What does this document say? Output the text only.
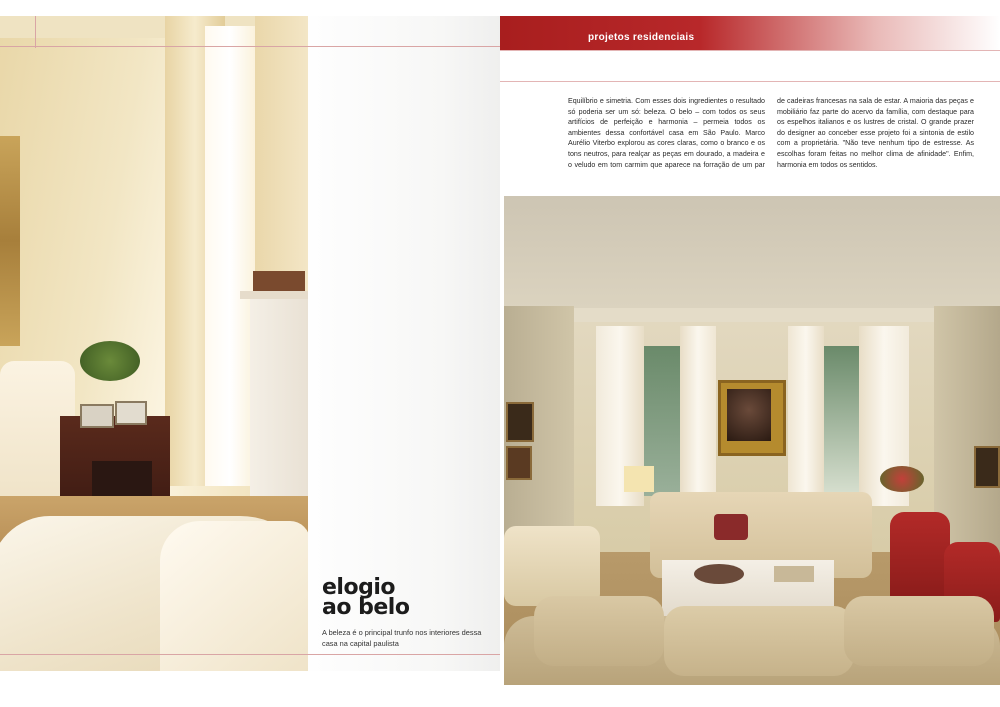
elogio
ao belo

A beleza é o principal trunfo nos interiores dessa casa na capital paulista

projetos residenciais

Equilíbrio e simetria. Com esses dois ingredientes o resultado só poderia ser um só: beleza. O belo – com todos os seus artifícios de perfeição e harmonia – permeia todos os ambientes dessa confortável casa em São Paulo. Marco Aurélio Viterbo explorou as cores claras, como o branco e os tons neutros, para realçar as peças em dourado, a madeira e o veludo em tom carmim que aparece na forração de um par de cadeiras francesas na sala de estar. A maioria das peças e mobiliário faz parte do acervo da família, com destaque para os espelhos italianos e os lustres de cristal. O grande prazer do designer ao conceber esse projeto foi a sintonia de estilo com a proprietária. "Não teve nenhum tipo de estresse. As escolhas foram feitas no melhor clima de afinidade". Enfim, harmonia em todos os sentidos.
